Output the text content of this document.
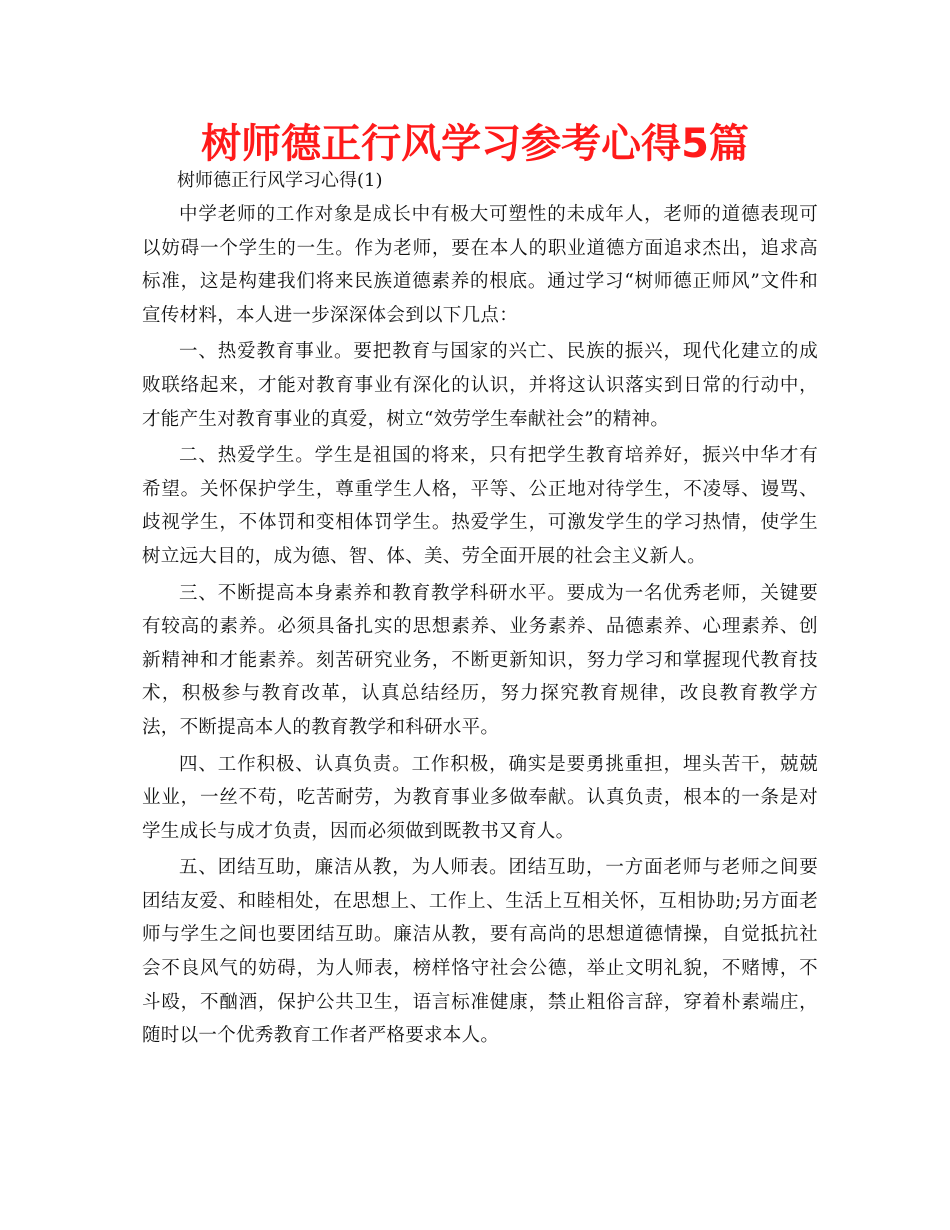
树师德正行风学习参考心得5篇

树师德正行风学习心得(1)

中学老师的工作对象是成长中有极大可塑性的未成年人，老师的道德表现可以妨碍一个学生的一生。作为老师，要在本人的职业道德方面追求杰出，追求高标准，这是构建我们将来民族道德素养的根底。通过学习“树师德正师风”文件和宣传材料，本人进一步深深体会到以下几点：

一、热爱教育事业。要把教育与国家的兴亡、民族的振兴，现代化建立的成败联络起来，才能对教育事业有深化的认识，并将这认识落实到日常的行动中，才能产生对教育事业的真爱，树立“效劳学生奉献社会”的精神。

二、热爱学生。学生是祖国的将来，只有把学生教育培养好，振兴中华才有希望。关怀保护学生，尊重学生人格，平等、公正地对待学生，不凌辱、谩骂、歧视学生，不体罚和变相体罚学生。热爱学生，可激发学生的学习热情，使学生树立远大目的，成为德、智、体、美、劳全面开展的社会主义新人。

三、不断提高本身素养和教育教学科研水平。要成为一名优秀老师，关键要有较高的素养。必须具备扎实的思想素养、业务素养、品德素养、心理素养、创新精神和才能素养。刻苦研究业务，不断更新知识，努力学习和掌握现代教育技术，积极参与教育改革，认真总结经历，努力探究教育规律，改良教育教学方法，不断提高本人的教育教学和科研水平。

四、工作积极、认真负责。工作积极，确实是要勇挑重担，埋头苦干，兢兢业业，一丝不苟，吃苦耐劳，为教育事业多做奉献。认真负责，根本的一条是对学生成长与成才负责，因而必须做到既教书又育人。

五、团结互助，廉洁从教，为人师表。团结互助，一方面老师与老师之间要团结友爱、和睦相处，在思想上、工作上、生活上互相关怀，互相协助;另方面老师与学生之间也要团结互助。廉洁从教，要有高尚的思想道德情操，自觉抵抗社会不良风气的妨碍，为人师表，榜样恪守社会公德，举止文明礼貌，不赌博，不斗殴，不酗酒，保护公共卫生，语言标准健康，禁止粗俗言辞，穿着朴素端庄，随时以一个优秀教育工作者严格要求本人。
